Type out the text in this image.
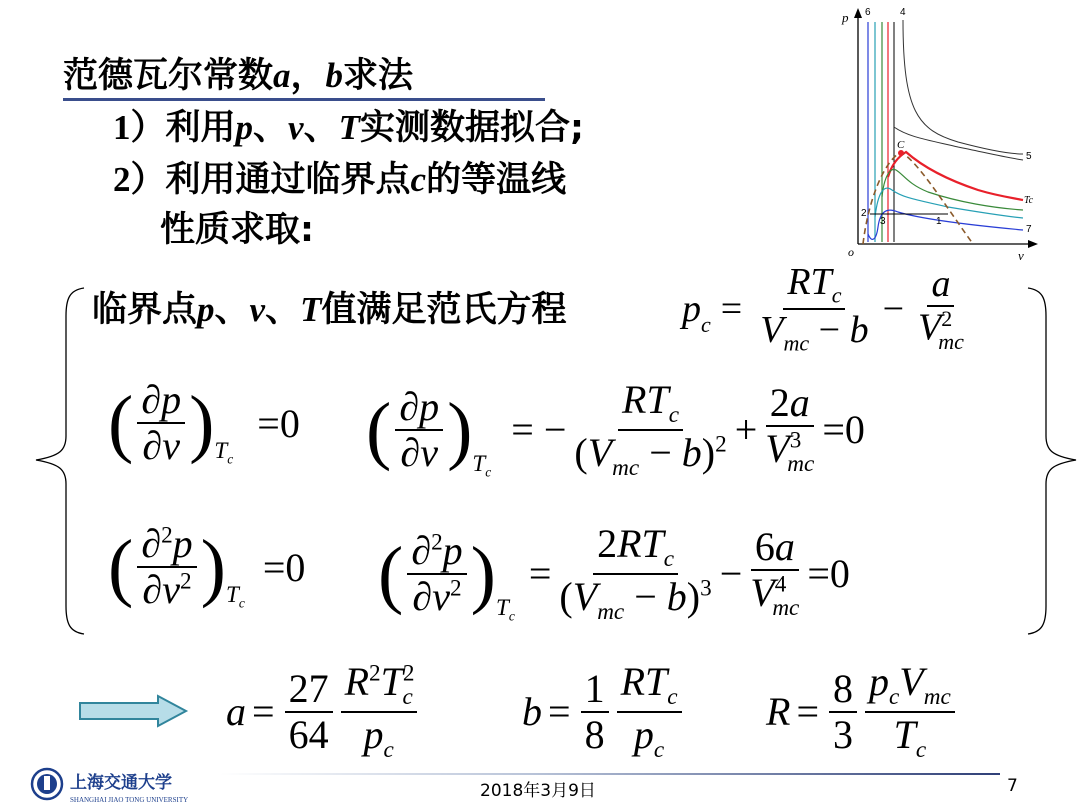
范德瓦尔常数a，b求法
1）利用p、v、T实测数据拟合;
2）利用通过临界点c的等温线
性质求取:
p
v
o
6	4
5
Tc
7
1
2
3
C
临界点p、v、T值满足范氏方程	$p_c = \frac{RT_c}{V_{mc} - b} - \frac{a}{V^2_{mc}}$
( $\frac{\partial p}{\partial v}$ ) $_{T_c}$
= 0 ( $\frac{\partial p}{\partial v}$ ) $_{T_c}$
= − $\frac{RT_c}{(V_{mc} - b)^2} + \frac{2a}{V^3_{mc}} = 0$
( $\frac{\partial^2p}{\partial v^2}$ ) $_{T_c}$
= 0 ( $\frac{\partial^2p}{\partial v^2}$ ) $_{T_c}$
= $\frac{2RT_c}{(V_{mc} - b)^3} - \frac{6a}{V^4_{mc}} = 0$
$a = \frac{27}{64} \frac{R^2T^2_c}{p_c}$	$b = \frac{1}{8} \frac{RT_c}{p_c}$ $R = \frac{8}{3} \frac{p_cV_{mc}}{T_c}$
上海交通大学
SHANGHAI JIAO TONG UNIVERSITY	2018年3月9日	7
